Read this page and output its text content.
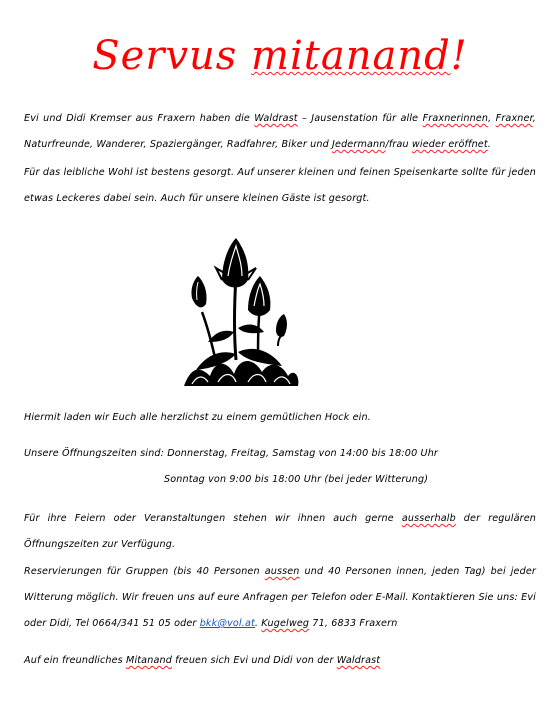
Servus mitanand!
Evi und Didi Kremser aus Fraxern haben die Waldrast – Jausenstation für alle Fraxnerinnen, Fraxner, Naturfreunde, Wanderer, Spaziergänger, Radfahrer, Biker und Jedermann/frau wieder eröffnet.
Für das leibliche Wohl ist bestens gesorgt. Auf unserer kleinen und feinen Speisenkarte sollte für jeden etwas Leckeres dabei sein. Auch für unsere kleinen Gäste ist gesorgt.
Hiermit laden wir Euch alle herzlichst zu einem gemütlichen Hock ein.
Unsere Öffnungszeiten sind: Donnerstag, Freitag, Samstag von 14:00 bis 18:00 Uhr
Sonntag von 9:00 bis 18:00 Uhr (bei jeder Witterung)
Für ihre Feiern oder Veranstaltungen stehen wir ihnen auch gerne ausserhalb der regulären Öffnungszeiten zur Verfügung.
Reservierungen für Gruppen (bis 40 Personen aussen und 40 Personen innen, jeden Tag) bei jeder Witterung möglich. Wir freuen uns auf eure Anfragen per Telefon oder E-Mail. Kontaktieren Sie uns: Evi oder Didi, Tel 0664/341 51 05 oder bkk@vol.at. Kugelweg 71, 6833 Fraxern
Auf ein freundliches Mitanand freuen sich Evi und Didi von der Waldrast
